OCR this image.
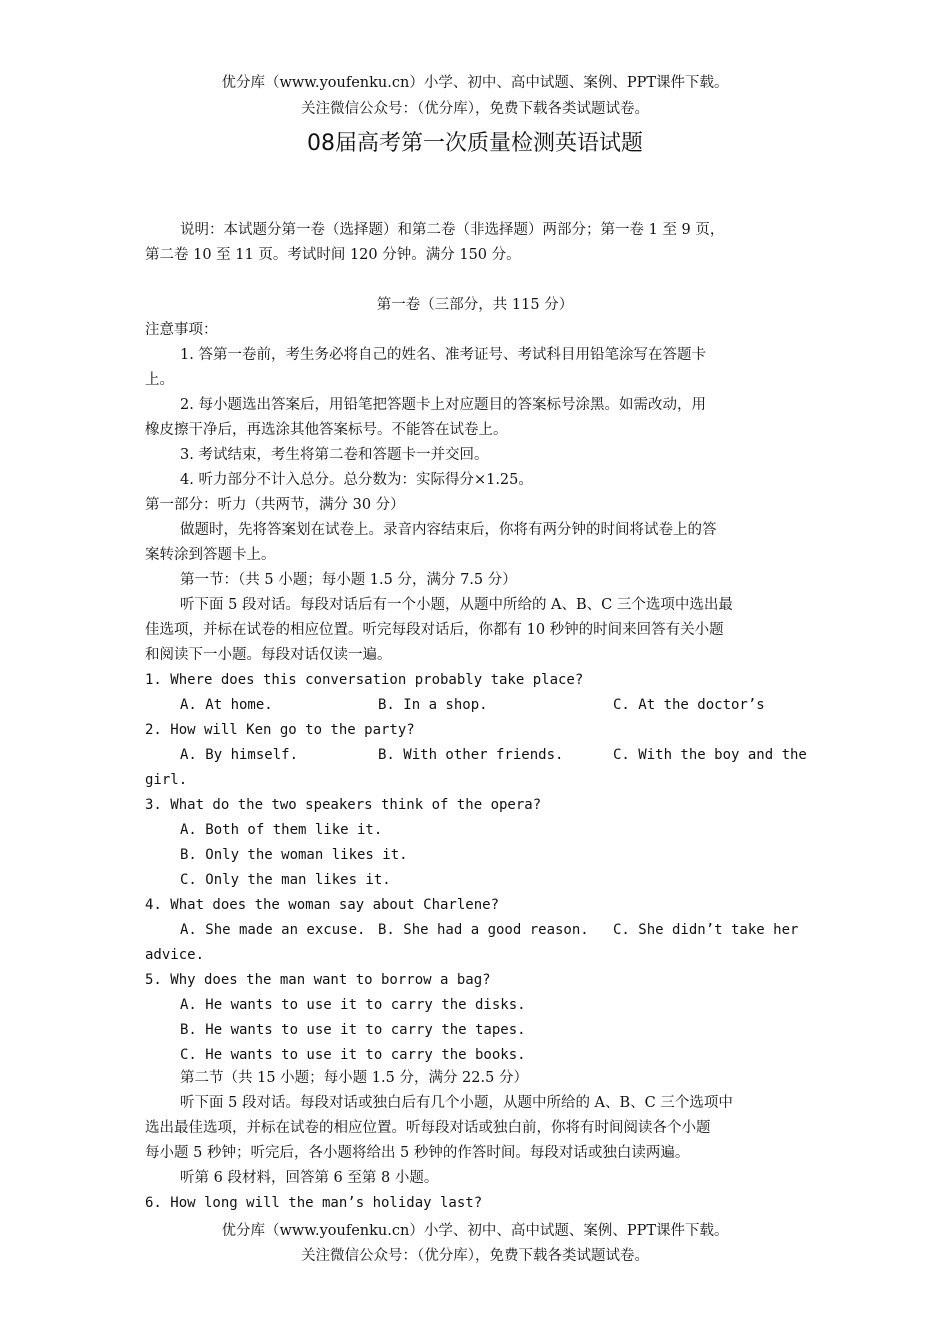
优分库（www.youfenku.cn）小学、初中、高中试题、案例、PPT课件下载。
关注微信公众号：（优分库），免费下载各类试题试卷。
08届高考第一次质量检测英语试题
说明：本试题分第一卷（选择题）和第二卷（非选择题）两部分；第一卷 1 至 9 页，
第二卷 10 至 11 页。考试时间 120 分钟。满分 150 分。
第一卷（三部分，共 115 分）
注意事项：
1. 答第一卷前，考生务必将自己的姓名、准考证号、考试科目用铅笔涂写在答题卡
上。
2. 每小题选出答案后，用铅笔把答题卡上对应题目的答案标号涂黑。如需改动，用
橡皮擦干净后，再选涂其他答案标号。不能答在试卷上。
3. 考试结束，考生将第二卷和答题卡一并交回。
4. 听力部分不计入总分。总分数为：实际得分×1.25。
第一部分：听力（共两节，满分 30 分）
做题时，先将答案划在试卷上。录音内容结束后，你将有两分钟的时间将试卷上的答
案转涂到答题卡上。
第一节：（共 5 小题；每小题 1.5 分，满分 7.5 分）
听下面 5 段对话。每段对话后有一个小题，从题中所给的 A、B、C 三个选项中选出最
佳选项，并标在试卷的相应位置。听完每段对话后，你都有 10 秒钟的时间来回答有关小题
和阅读下一小题。每段对话仅读一遍。
1. Where does this conversation probably take place?
A. At home.	B. In a shop.	C. At the doctor’s
2. How will Ken go to the party?
A. By himself.	B. With other friends.	C. With the boy and the
girl.
3. What do the two speakers think of the opera?
A. Both of them like it.
B. Only the woman likes it.
C. Only the man likes it.
4. What does the woman say about Charlene?
A. She made an excuse. B. She had a good reason. C. She didn’t take her
advice.
5. Why does the man want to borrow a bag?
A. He wants to use it to carry the disks.
B. He wants to use it to carry the tapes.
C. He wants to use it to carry the books.
第二节（共 15 小题；每小题 1.5 分，满分 22.5 分）
听下面 5 段对话。每段对话或独白后有几个小题，从题中所给的 A、B、C 三个选项中
选出最佳选项，并标在试卷的相应位置。听每段对话或独白前，你将有时间阅读各个小题
每小题 5 秒钟；听完后，各小题将给出 5 秒钟的作答时间。每段对话或独白读两遍。
听第 6 段材料，回答第 6 至第 8 小题。
6. How long will the man’s holiday last?
优分库（www.youfenku.cn）小学、初中、高中试题、案例、PPT课件下载。
关注微信公众号：（优分库），免费下载各类试题试卷。
